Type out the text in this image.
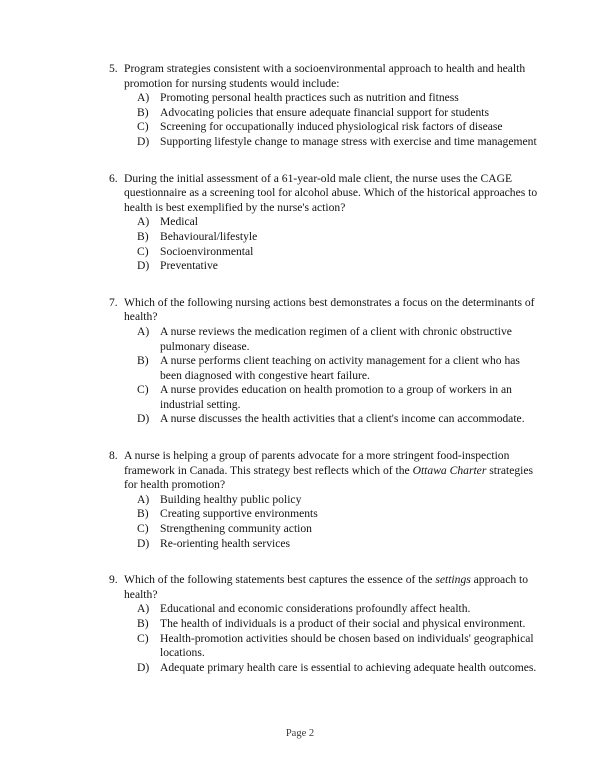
5. Program strategies consistent with a socioenvironmental approach to health and health promotion for nursing students would include:
A) Promoting personal health practices such as nutrition and fitness
B) Advocating policies that ensure adequate financial support for students
C) Screening for occupationally induced physiological risk factors of disease
D) Supporting lifestyle change to manage stress with exercise and time management
6. During the initial assessment of a 61-year-old male client, the nurse uses the CAGE questionnaire as a screening tool for alcohol abuse. Which of the historical approaches to health is best exemplified by the nurse's action?
A) Medical
B) Behavioural/lifestyle
C) Socioenvironmental
D) Preventative
7. Which of the following nursing actions best demonstrates a focus on the determinants of health?
A) A nurse reviews the medication regimen of a client with chronic obstructive pulmonary disease.
B) A nurse performs client teaching on activity management for a client who has been diagnosed with congestive heart failure.
C) A nurse provides education on health promotion to a group of workers in an industrial setting.
D) A nurse discusses the health activities that a client's income can accommodate.
8. A nurse is helping a group of parents advocate for a more stringent food-inspection framework in Canada. This strategy best reflects which of the Ottawa Charter strategies for health promotion?
A) Building healthy public policy
B) Creating supportive environments
C) Strengthening community action
D) Re-orienting health services
9. Which of the following statements best captures the essence of the settings approach to health?
A) Educational and economic considerations profoundly affect health.
B) The health of individuals is a product of their social and physical environment.
C) Health-promotion activities should be chosen based on individuals' geographical locations.
D) Adequate primary health care is essential to achieving adequate health outcomes.
Page 2
